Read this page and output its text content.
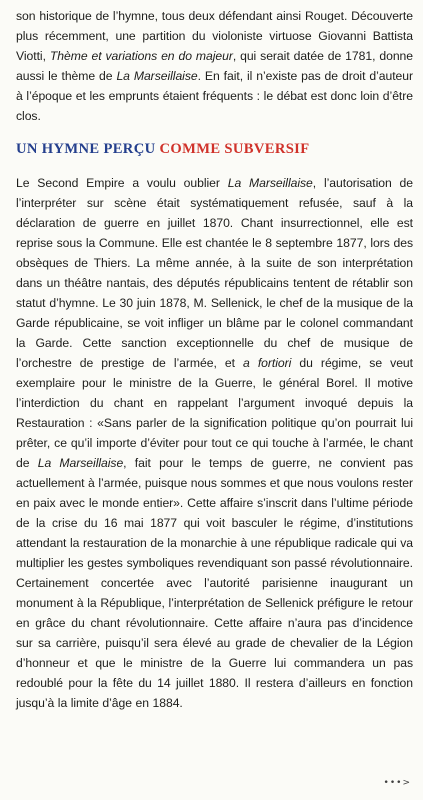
son historique de l’hymne, tous deux défendant ainsi Rouget. Découverte plus récemment, une partition du violoniste virtuose Giovanni Battista Viotti, Thème et variations en do majeur, qui serait datée de 1781, donne aussi le thème de La Marseillaise. En fait, il n’existe pas de droit d’auteur à l’époque et les emprunts étaient fréquents : le débat est donc loin d’être clos.

UN HYMNE PERÇU COMME SUBVERSIF

Le Second Empire a voulu oublier La Marseillaise, l’autorisation de l’interpréter sur scène était systématiquement refusée, sauf à la déclaration de guerre en juillet 1870. Chant insurrectionnel, elle est reprise sous la Commune. Elle est chantée le 8 septembre 1877, lors des obsèques de Thiers. La même année, à la suite de son interprétation dans un théâtre nantais, des députés républicains tentent de rétablir son statut d’hymne. Le 30 juin 1878, M. Sellenick, le chef de la musique de la Garde républicaine, se voit infliger un blâme par le colonel commandant la Garde. Cette sanction exceptionnelle du chef de musique de l’orchestre de prestige de l’armée, et a fortiori du régime, se veut exemplaire pour le ministre de la Guerre, le général Borel. Il motive l’interdiction du chant en rappelant l’argument invoqué depuis la Restauration : «Sans parler de la signification politique qu’on pourrait lui prêter, ce qu’il importe d’éviter pour tout ce qui touche à l’armée, le chant de La Marseillaise, fait pour le temps de guerre, ne convient pas actuellement à l’armée, puisque nous sommes et que nous voulons rester en paix avec le monde entier». Cette affaire s’inscrit dans l’ultime période de la crise du 16 mai 1877 qui voit basculer le régime, d’institutions attendant la restauration de la monarchie à une république radicale qui va multiplier les gestes symboliques revendiquant son passé révolutionnaire. Certainement concertée avec l’autorité parisienne inaugurant un monument à la République, l’interprétation de Sellenick préfigure le retour en grâce du chant révolutionnaire. Cette affaire n’aura pas d’incidence sur sa carrière, puisqu’il sera élevé au grade de chevalier de la Légion d’honneur et que le ministre de la Guerre lui commandera un pas redoublé pour la fête du 14 juillet 1880. Il restera d’ailleurs en fonction jusqu’à la limite d’âge en 1884.

•••>
